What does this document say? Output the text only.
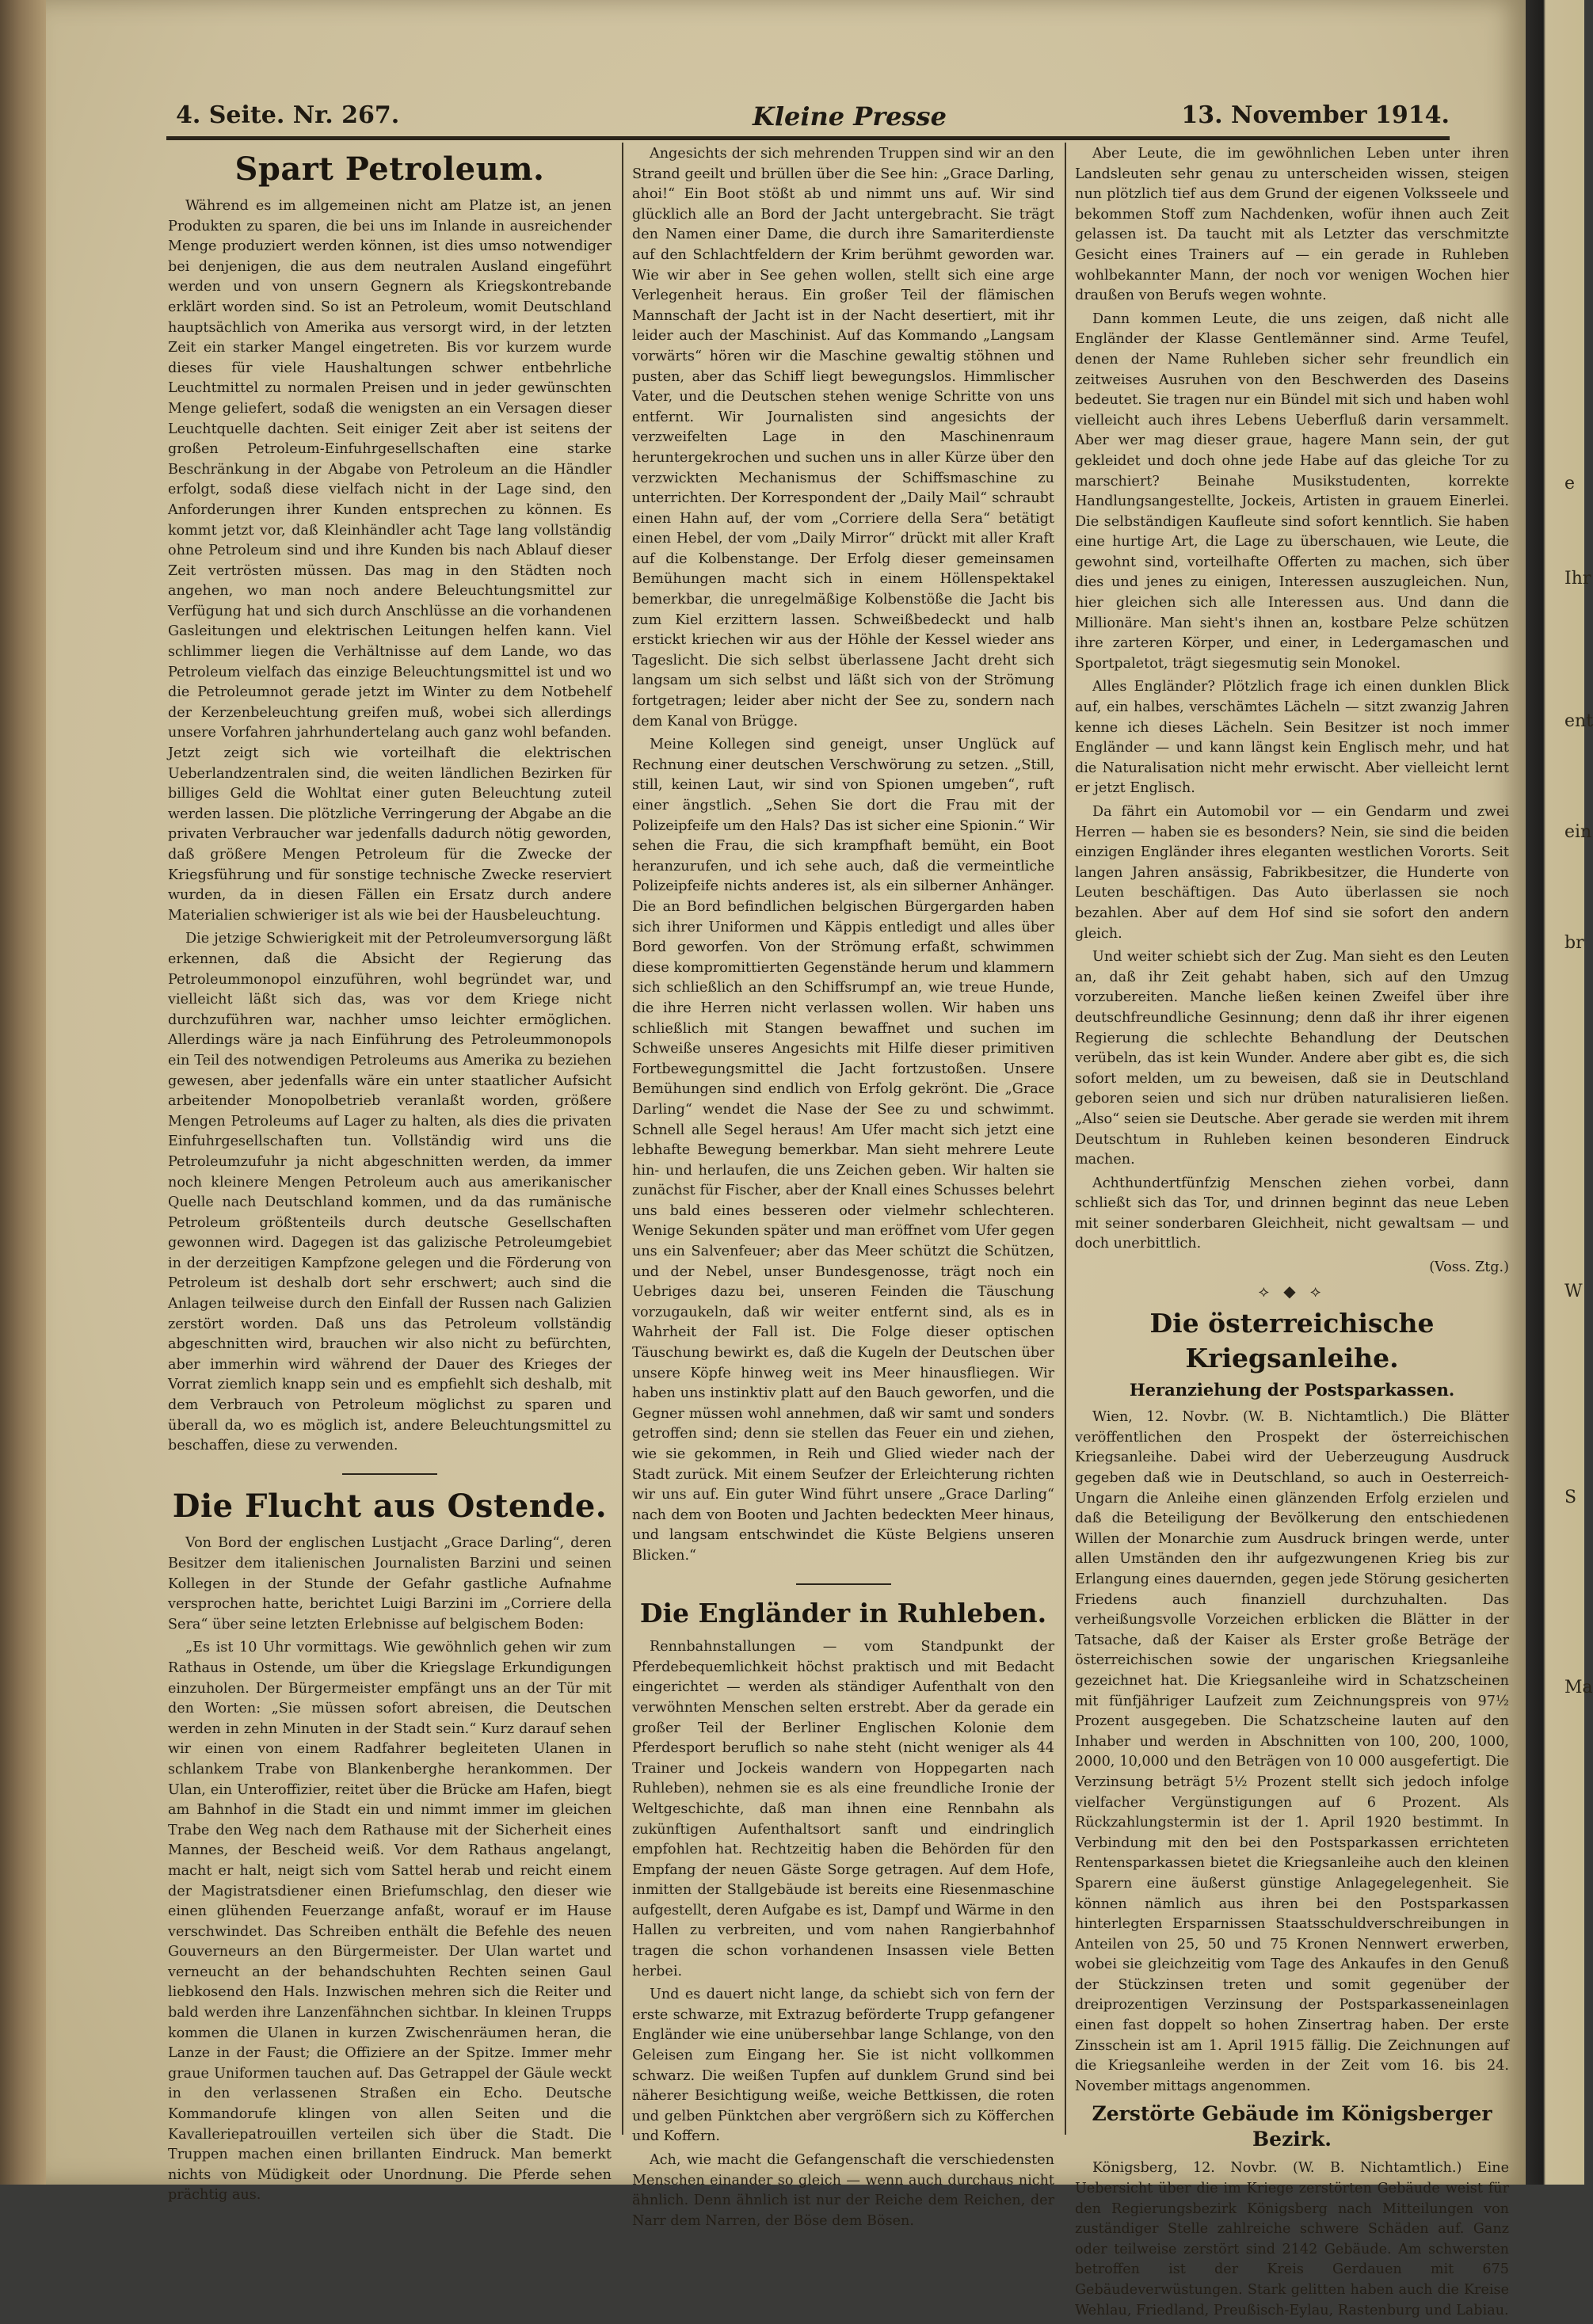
e
Ihr
ent
ein
br
W
S
Ma
4. Seite. Nr. 267.	Kleine Presse	13. November 1914.
Spart Petroleum.

Während es im allgemeinen nicht am Platze ist, an jenen Produkten zu sparen, die bei uns im Inlande in ausreichender Menge produziert werden können, ist dies umso notwendiger bei denjenigen, die aus dem neutralen Ausland eingeführt werden und von unsern Gegnern als Kriegskontrebande erklärt worden sind. So ist an Petroleum, womit Deutschland hauptsächlich von Amerika aus versorgt wird, in der letzten Zeit ein starker Mangel eingetreten. Bis vor kurzem wurde dieses für viele Haushaltungen schwer entbehrliche Leuchtmittel zu normalen Preisen und in jeder gewünschten Menge geliefert, sodaß die wenigsten an ein Versagen dieser Leuchtquelle dachten. Seit einiger Zeit aber ist seitens der großen Petroleum-Einfuhrgesellschaften eine starke Beschränkung in der Abgabe von Petroleum an die Händler erfolgt, sodaß diese vielfach nicht in der Lage sind, den Anforderungen ihrer Kunden entsprechen zu können. Es kommt jetzt vor, daß Kleinhändler acht Tage lang vollständig ohne Petroleum sind und ihre Kunden bis nach Ablauf dieser Zeit vertrösten müssen. Das mag in den Städten noch angehen, wo man noch andere Beleuchtungsmittel zur Verfügung hat und sich durch Anschlüsse an die vorhandenen Gasleitungen und elektrischen Leitungen helfen kann. Viel schlimmer liegen die Verhältnisse auf dem Lande, wo das Petroleum vielfach das einzige Beleuchtungsmittel ist und wo die Petroleumnot gerade jetzt im Winter zu dem Notbehelf der Kerzenbeleuchtung greifen muß, wobei sich allerdings unsere Vorfahren jahrhundertelang auch ganz wohl befanden. Jetzt zeigt sich wie vorteilhaft die elektrischen Ueberlandzentralen sind, die weiten ländlichen Bezirken für billiges Geld die Wohltat einer guten Beleuchtung zuteil werden lassen. Die plötzliche Verringerung der Abgabe an die privaten Verbraucher war jedenfalls dadurch nötig geworden, daß größere Mengen Petroleum für die Zwecke der Kriegsführung und für sonstige technische Zwecke reserviert wurden, da in diesen Fällen ein Ersatz durch andere Materialien schwieriger ist als wie bei der Hausbeleuchtung.

Die jetzige Schwierigkeit mit der Petroleumversorgung läßt erkennen, daß die Absicht der Regierung das Petroleummonopol einzuführen, wohl begründet war, und vielleicht läßt sich das, was vor dem Kriege nicht durchzuführen war, nachher umso leichter ermöglichen. Allerdings wäre ja nach Einführung des Petroleummonopols ein Teil des notwendigen Petroleums aus Amerika zu beziehen gewesen, aber jedenfalls wäre ein unter staatlicher Aufsicht arbeitender Monopolbetrieb veranlaßt worden, größere Mengen Petroleums auf Lager zu halten, als dies die privaten Einfuhrgesellschaften tun. Vollständig wird uns die Petroleumzufuhr ja nicht abgeschnitten werden, da immer noch kleinere Mengen Petroleum auch aus amerikanischer Quelle nach Deutschland kommen, und da das rumänische Petroleum größtenteils durch deutsche Gesellschaften gewonnen wird. Dagegen ist das galizische Petroleumgebiet in der derzeitigen Kampfzone gelegen und die Förderung von Petroleum ist deshalb dort sehr erschwert; auch sind die Anlagen teilweise durch den Einfall der Russen nach Galizien zerstört worden. Daß uns das Petroleum vollständig abgeschnitten wird, brauchen wir also nicht zu befürchten, aber immerhin wird während der Dauer des Krieges der Vorrat ziemlich knapp sein und es empfiehlt sich deshalb, mit dem Verbrauch von Petroleum möglichst zu sparen und überall da, wo es möglich ist, andere Beleuchtungsmittel zu beschaffen, diese zu verwenden.

Die Flucht aus Ostende.

Von Bord der englischen Lustjacht „Grace Darling“, deren Besitzer dem italienischen Journalisten Barzini und seinen Kollegen in der Stunde der Gefahr gastliche Aufnahme versprochen hatte, berichtet Luigi Barzini im „Corriere della Sera“ über seine letzten Erlebnisse auf belgischem Boden:

„Es ist 10 Uhr vormittags. Wie gewöhnlich gehen wir zum Rathaus in Ostende, um über die Kriegslage Erkundigungen einzuholen. Der Bürgermeister empfängt uns an der Tür mit den Worten: „Sie müssen sofort abreisen, die Deutschen werden in zehn Minuten in der Stadt sein.“ Kurz darauf sehen wir einen von einem Radfahrer begleiteten Ulanen in schlankem Trabe von Blankenberghe herankommen. Der Ulan, ein Unteroffizier, reitet über die Brücke am Hafen, biegt am Bahnhof in die Stadt ein und nimmt immer im gleichen Trabe den Weg nach dem Rathause mit der Sicherheit eines Mannes, der Bescheid weiß. Vor dem Rathaus angelangt, macht er halt, neigt sich vom Sattel herab und reicht einem der Magistratsdiener einen Briefumschlag, den dieser wie einen glühenden Feuerzange anfaßt, worauf er im Hause verschwindet. Das Schreiben enthält die Befehle des neuen Gouverneurs an den Bürgermeister. Der Ulan wartet und verneucht an der behandschuhten Rechten seinen Gaul liebkosend den Hals. Inzwischen mehren sich die Reiter und bald werden ihre Lanzenfähnchen sichtbar. In kleinen Trupps kommen die Ulanen in kurzen Zwischenräumen heran, die Lanze in der Faust; die Offiziere an der Spitze. Immer mehr graue Uniformen tauchen auf. Das Getrappel der Gäule weckt in den verlassenen Straßen ein Echo. Deutsche Kommandorufe klingen von allen Seiten und die Kavalleriepatrouillen verteilen sich über die Stadt. Die Truppen machen einen brillanten Eindruck. Man bemerkt nichts von Müdigkeit oder Unordnung. Die Pferde sehen prächtig aus.

Angesichts der sich mehrenden Truppen sind wir an den Strand geeilt und brüllen über die See hin: „Grace Darling, ahoi!“ Ein Boot stößt ab und nimmt uns auf. Wir sind glücklich alle an Bord der Jacht untergebracht. Sie trägt den Namen einer Dame, die durch ihre Samariterdienste auf den Schlachtfeldern der Krim berühmt geworden war. Wie wir aber in See gehen wollen, stellt sich eine arge Verlegenheit heraus. Ein großer Teil der flämischen Mannschaft der Jacht ist in der Nacht desertiert, mit ihr leider auch der Maschinist. Auf das Kommando „Langsam vorwärts“ hören wir die Maschine gewaltig stöhnen und pusten, aber das Schiff liegt bewegungslos. Himmlischer Vater, und die Deutschen stehen wenige Schritte von uns entfernt. Wir Journalisten sind angesichts der verzweifelten Lage in den Maschinenraum heruntergekrochen und suchen uns in aller Kürze über den verzwickten Mechanismus der Schiffsmaschine zu unterrichten. Der Korrespondent der „Daily Mail“ schraubt einen Hahn auf, der vom „Corriere della Sera“ betätigt einen Hebel, der vom „Daily Mirror“ drückt mit aller Kraft auf die Kolbenstange. Der Erfolg dieser gemeinsamen Bemühungen macht sich in einem Höllenspektakel bemerkbar, die unregelmäßige Kolbenstöße die Jacht bis zum Kiel erzittern lassen. Schweißbedeckt und halb erstickt kriechen wir aus der Höhle der Kessel wieder ans Tageslicht. Die sich selbst überlassene Jacht dreht sich langsam um sich selbst und läßt sich von der Strömung fortgetragen; leider aber nicht der See zu, sondern nach dem Kanal von Brügge.

Meine Kollegen sind geneigt, unser Unglück auf Rechnung einer deutschen Verschwörung zu setzen. „Still, still, keinen Laut, wir sind von Spionen umgeben“, ruft einer ängstlich. „Sehen Sie dort die Frau mit der Polizeipfeife um den Hals? Das ist sicher eine Spionin.“ Wir sehen die Frau, die sich krampfhaft bemüht, ein Boot heranzurufen, und ich sehe auch, daß die vermeintliche Polizeipfeife nichts anderes ist, als ein silberner Anhänger. Die an Bord befindlichen belgischen Bürgergarden haben sich ihrer Uniformen und Käppis entledigt und alles über Bord geworfen. Von der Strömung erfaßt, schwimmen diese kompromittierten Gegenstände herum und klammern sich schließlich an den Schiffsrumpf an, wie treue Hunde, die ihre Herren nicht verlassen wollen. Wir haben uns schließlich mit Stangen bewaffnet und suchen im Schweiße unseres Angesichts mit Hilfe dieser primitiven Fortbewegungsmittel die Jacht fortzustoßen. Unsere Bemühungen sind endlich von Erfolg gekrönt. Die „Grace Darling“ wendet die Nase der See zu und schwimmt. Schnell alle Segel heraus! Am Ufer macht sich jetzt eine lebhafte Bewegung bemerkbar. Man sieht mehrere Leute hin- und herlaufen, die uns Zeichen geben. Wir halten sie zunächst für Fischer, aber der Knall eines Schusses belehrt uns bald eines besseren oder vielmehr schlechteren. Wenige Sekunden später und man eröffnet vom Ufer gegen uns ein Salvenfeuer; aber das Meer schützt die Schützen, und der Nebel, unser Bundesgenosse, trägt noch ein Uebriges dazu bei, unseren Feinden die Täuschung vorzugaukeln, daß wir weiter entfernt sind, als es in Wahrheit der Fall ist. Die Folge dieser optischen Täuschung bewirkt es, daß die Kugeln der Deutschen über unsere Köpfe hinweg weit ins Meer hinausfliegen. Wir haben uns instinktiv platt auf den Bauch geworfen, und die Gegner müssen wohl annehmen, daß wir samt und sonders getroffen sind; denn sie stellen das Feuer ein und ziehen, wie sie gekommen, in Reih und Glied wieder nach der Stadt zurück. Mit einem Seufzer der Erleichterung richten wir uns auf. Ein guter Wind führt unsere „Grace Darling“ nach dem von Booten und Jachten bedeckten Meer hinaus, und langsam entschwindet die Küste Belgiens unseren Blicken.“

Die Engländer in Ruhleben.

Rennbahnstallungen — vom Standpunkt der Pferdebequemlichkeit höchst praktisch und mit Bedacht eingerichtet — werden als ständiger Aufenthalt von den verwöhnten Menschen selten erstrebt. Aber da gerade ein großer Teil der Berliner Englischen Kolonie dem Pferdesport beruflich so nahe steht (nicht weniger als 44 Trainer und Jockeis wandern von Hoppegarten nach Ruhleben), nehmen sie es als eine freundliche Ironie der Weltgeschichte, daß man ihnen eine Rennbahn als zukünftigen Aufenthaltsort sanft und eindringlich empfohlen hat. Rechtzeitig haben die Behörden für den Empfang der neuen Gäste Sorge getragen. Auf dem Hofe, inmitten der Stallgebäude ist bereits eine Riesenmaschine aufgestellt, deren Aufgabe es ist, Dampf und Wärme in den Hallen zu verbreiten, und vom nahen Rangierbahnhof tragen die schon vorhandenen Insassen viele Betten herbei.

Und es dauert nicht lange, da schiebt sich von fern der erste schwarze, mit Extrazug beförderte Trupp gefangener Engländer wie eine unübersehbar lange Schlange, von den Geleisen zum Eingang her. Sie ist nicht vollkommen schwarz. Die weißen Tupfen auf dunklem Grund sind bei näherer Besichtigung weiße, weiche Bettkissen, die roten und gelben Pünktchen aber vergrößern sich zu Köfferchen und Koffern.

Ach, wie macht die Gefangenschaft die verschiedensten Menschen einander so gleich — wenn auch durchaus nicht ähnlich. Denn ähnlich ist nur der Reiche dem Reichen, der Narr dem Narren, der Böse dem Bösen.

Aber Leute, die im gewöhnlichen Leben unter ihren Landsleuten sehr genau zu unterscheiden wissen, steigen nun plötzlich tief aus dem Grund der eigenen Volksseele und bekommen Stoff zum Nachdenken, wofür ihnen auch Zeit gelassen ist. Da taucht mit als Letzter das verschmitzte Gesicht eines Trainers auf — ein gerade in Ruhleben wohlbekannter Mann, der noch vor wenigen Wochen hier draußen von Berufs wegen wohnte.

Dann kommen Leute, die uns zeigen, daß nicht alle Engländer der Klasse Gentlemänner sind. Arme Teufel, denen der Name Ruhleben sicher sehr freundlich ein zeitweises Ausruhen von den Beschwerden des Daseins bedeutet. Sie tragen nur ein Bündel mit sich und haben wohl vielleicht auch ihres Lebens Ueberfluß darin versammelt. Aber wer mag dieser graue, hagere Mann sein, der gut gekleidet und doch ohne jede Habe auf das gleiche Tor zu marschiert? Beinahe Musikstudenten, korrekte Handlungsangestellte, Jockeis, Artisten in grauem Einerlei. Die selbständigen Kaufleute sind sofort kenntlich. Sie haben eine hurtige Art, die Lage zu überschauen, wie Leute, die gewohnt sind, vorteilhafte Offerten zu machen, sich über dies und jenes zu einigen, Interessen auszugleichen. Nun, hier gleichen sich alle Interessen aus. Und dann die Millionäre. Man sieht's ihnen an, kostbare Pelze schützen ihre zarteren Körper, und einer, in Ledergamaschen und Sportpaletot, trägt siegesmutig sein Monokel.

Alles Engländer? Plötzlich frage ich einen dunklen Blick auf, ein halbes, verschämtes Lächeln — sitzt zwanzig Jahren kenne ich dieses Lächeln. Sein Besitzer ist noch immer Engländer — und kann längst kein Englisch mehr, und hat die Naturalisation nicht mehr erwischt. Aber vielleicht lernt er jetzt Englisch.

Da fährt ein Automobil vor — ein Gendarm und zwei Herren — haben sie es besonders? Nein, sie sind die beiden einzigen Engländer ihres eleganten westlichen Vororts. Seit langen Jahren ansässig, Fabrikbesitzer, die Hunderte von Leuten beschäftigen. Das Auto überlassen sie noch bezahlen. Aber auf dem Hof sind sie sofort den andern gleich.

Und weiter schiebt sich der Zug. Man sieht es den Leuten an, daß ihr Zeit gehabt haben, sich auf den Umzug vorzubereiten. Manche ließen keinen Zweifel über ihre deutschfreundliche Gesinnung; denn daß ihr ihrer eigenen Regierung die schlechte Behandlung der Deutschen verübeln, das ist kein Wunder. Andere aber gibt es, die sich sofort melden, um zu beweisen, daß sie in Deutschland geboren seien und sich nur drüben naturalisieren ließen. „Also“ seien sie Deutsche. Aber gerade sie werden mit ihrem Deutschtum in Ruhleben keinen besonderen Eindruck machen.

Achthundertfünfzig Menschen ziehen vorbei, dann schließt sich das Tor, und drinnen beginnt das neue Leben mit seiner sonderbaren Gleichheit, nicht gewaltsam — und doch unerbittlich.

(Voss. Ztg.)
⟡ ◆ ⟡
Die österreichische Kriegsanleihe.
Heranziehung der Postsparkassen.

Wien, 12. Novbr. (W. B. Nichtamtlich.) Die Blätter veröffentlichen den Prospekt der österreichischen Kriegsanleihe. Dabei wird der Ueberzeugung Ausdruck gegeben daß wie in Deutschland, so auch in Oesterreich-Ungarn die Anleihe einen glänzenden Erfolg erzielen und daß die Beteiligung der Bevölkerung den entschiedenen Willen der Monarchie zum Ausdruck bringen werde, unter allen Umständen den ihr aufgezwungenen Krieg bis zur Erlangung eines dauernden, gegen jede Störung gesicherten Friedens auch finanziell durchzuhalten. Das verheißungsvolle Vorzeichen erblicken die Blätter in der Tatsache, daß der Kaiser als Erster große Beträge der österreichischen sowie der ungarischen Kriegsanleihe gezeichnet hat. Die Kriegsanleihe wird in Schatzscheinen mit fünfjähriger Laufzeit zum Zeichnungspreis von 97½ Prozent ausgegeben. Die Schatzscheine lauten auf den Inhaber und werden in Abschnitten von 100, 200, 1000, 2000, 10,000 und den Beträgen von 10 000 ausgefertigt. Die Verzinsung beträgt 5½ Prozent stellt sich jedoch infolge vielfacher Vergünstigungen auf 6 Prozent. Als Rückzahlungstermin ist der 1. April 1920 bestimmt. In Verbindung mit den bei den Postsparkassen errichteten Rentensparkassen bietet die Kriegsanleihe auch den kleinen Sparern eine äußerst günstige Anlagegelegenheit. Sie können nämlich aus ihren bei den Postsparkassen hinterlegten Ersparnissen Staatsschuldverschreibungen in Anteilen von 25, 50 und 75 Kronen Nennwert erwerben, wobei sie gleichzeitig vom Tage des Ankaufes in den Genuß der Stückzinsen treten und somit gegenüber der dreiprozentigen Verzinsung der Postsparkasseneinlagen einen fast doppelt so hohen Zinsertrag haben. Der erste Zinsschein ist am 1. April 1915 fällig. Die Zeichnungen auf die Kriegsanleihe werden in der Zeit vom 16. bis 24. November mittags angenommen.

Zerstörte Gebäude im Königsberger Bezirk.

Königsberg, 12. Novbr. (W. B. Nichtamtlich.) Eine Uebersicht über die im Kriege zerstörten Gebäude weist für den Regierungsbezirk Königsberg nach Mitteilungen von zuständiger Stelle zahlreiche schwere Schäden auf. Ganz oder teilweise zerstört sind 2142 Gebäude. Am schwersten betroffen ist der Kreis Gerdauen mit 675 Gebäudeverwüstungen. Stark gelitten haben auch die Kreise Wehlau, Friedland, Preußisch-Eylau, Rastenburg und Labiau.
